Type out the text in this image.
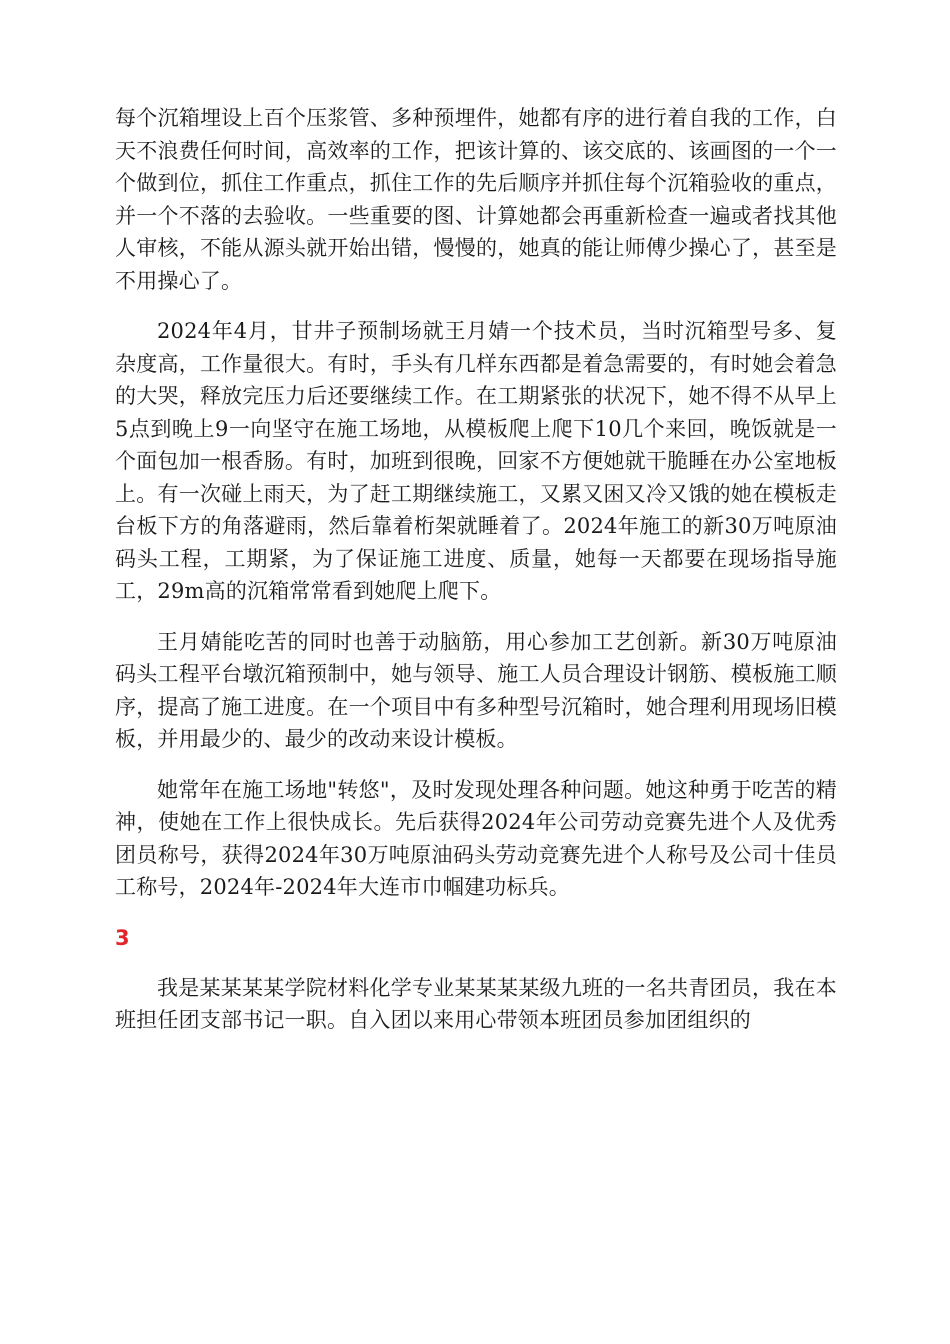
每个沉箱埋设上百个压浆管、多种预埋件，她都有序的进行着自我的工作，白天不浪费任何时间，高效率的工作，把该计算的、该交底的、该画图的一个一个做到位，抓住工作重点，抓住工作的先后顺序并抓住每个沉箱验收的重点，并一个不落的去验收。一些重要的图、计算她都会再重新检查一遍或者找其他人审核，不能从源头就开始出错，慢慢的，她真的能让师傅少操心了，甚至是不用操心了。

2024年4月，甘井子预制场就王月婧一个技术员，当时沉箱型号多、复杂度高，工作量很大。有时，手头有几样东西都是着急需要的，有时她会着急的大哭，释放完压力后还要继续工作。在工期紧张的状况下，她不得不从早上5点到晚上9一向坚守在施工场地，从模板爬上爬下10几个来回，晚饭就是一个面包加一根香肠。有时，加班到很晚，回家不方便她就干脆睡在办公室地板上。有一次碰上雨天，为了赶工期继续施工，又累又困又冷又饿的她在模板走台板下方的角落避雨，然后靠着桁架就睡着了。2024年施工的新30万吨原油码头工程，工期紧，为了保证施工进度、质量，她每一天都要在现场指导施工，29m高的沉箱常常看到她爬上爬下。

王月婧能吃苦的同时也善于动脑筋，用心参加工艺创新。新30万吨原油码头工程平台墩沉箱预制中，她与领导、施工人员合理设计钢筋、模板施工顺序，提高了施工进度。在一个项目中有多种型号沉箱时，她合理利用现场旧模板，并用最少的、最少的改动来设计模板。

她常年在施工场地"转悠"，及时发现处理各种问题。她这种勇于吃苦的精神，使她在工作上很快成长。先后获得2024年公司劳动竞赛先进个人及优秀团员称号，获得2024年30万吨原油码头劳动竞赛先进个人称号及公司十佳员工称号，2024年-2024年大连市巾帼建功标兵。

3

我是某某某某学院材料化学专业某某某某级九班的一名共青团员，我在本班担任团支部书记一职。自入团以来用心带领本班团员参加团组织的
